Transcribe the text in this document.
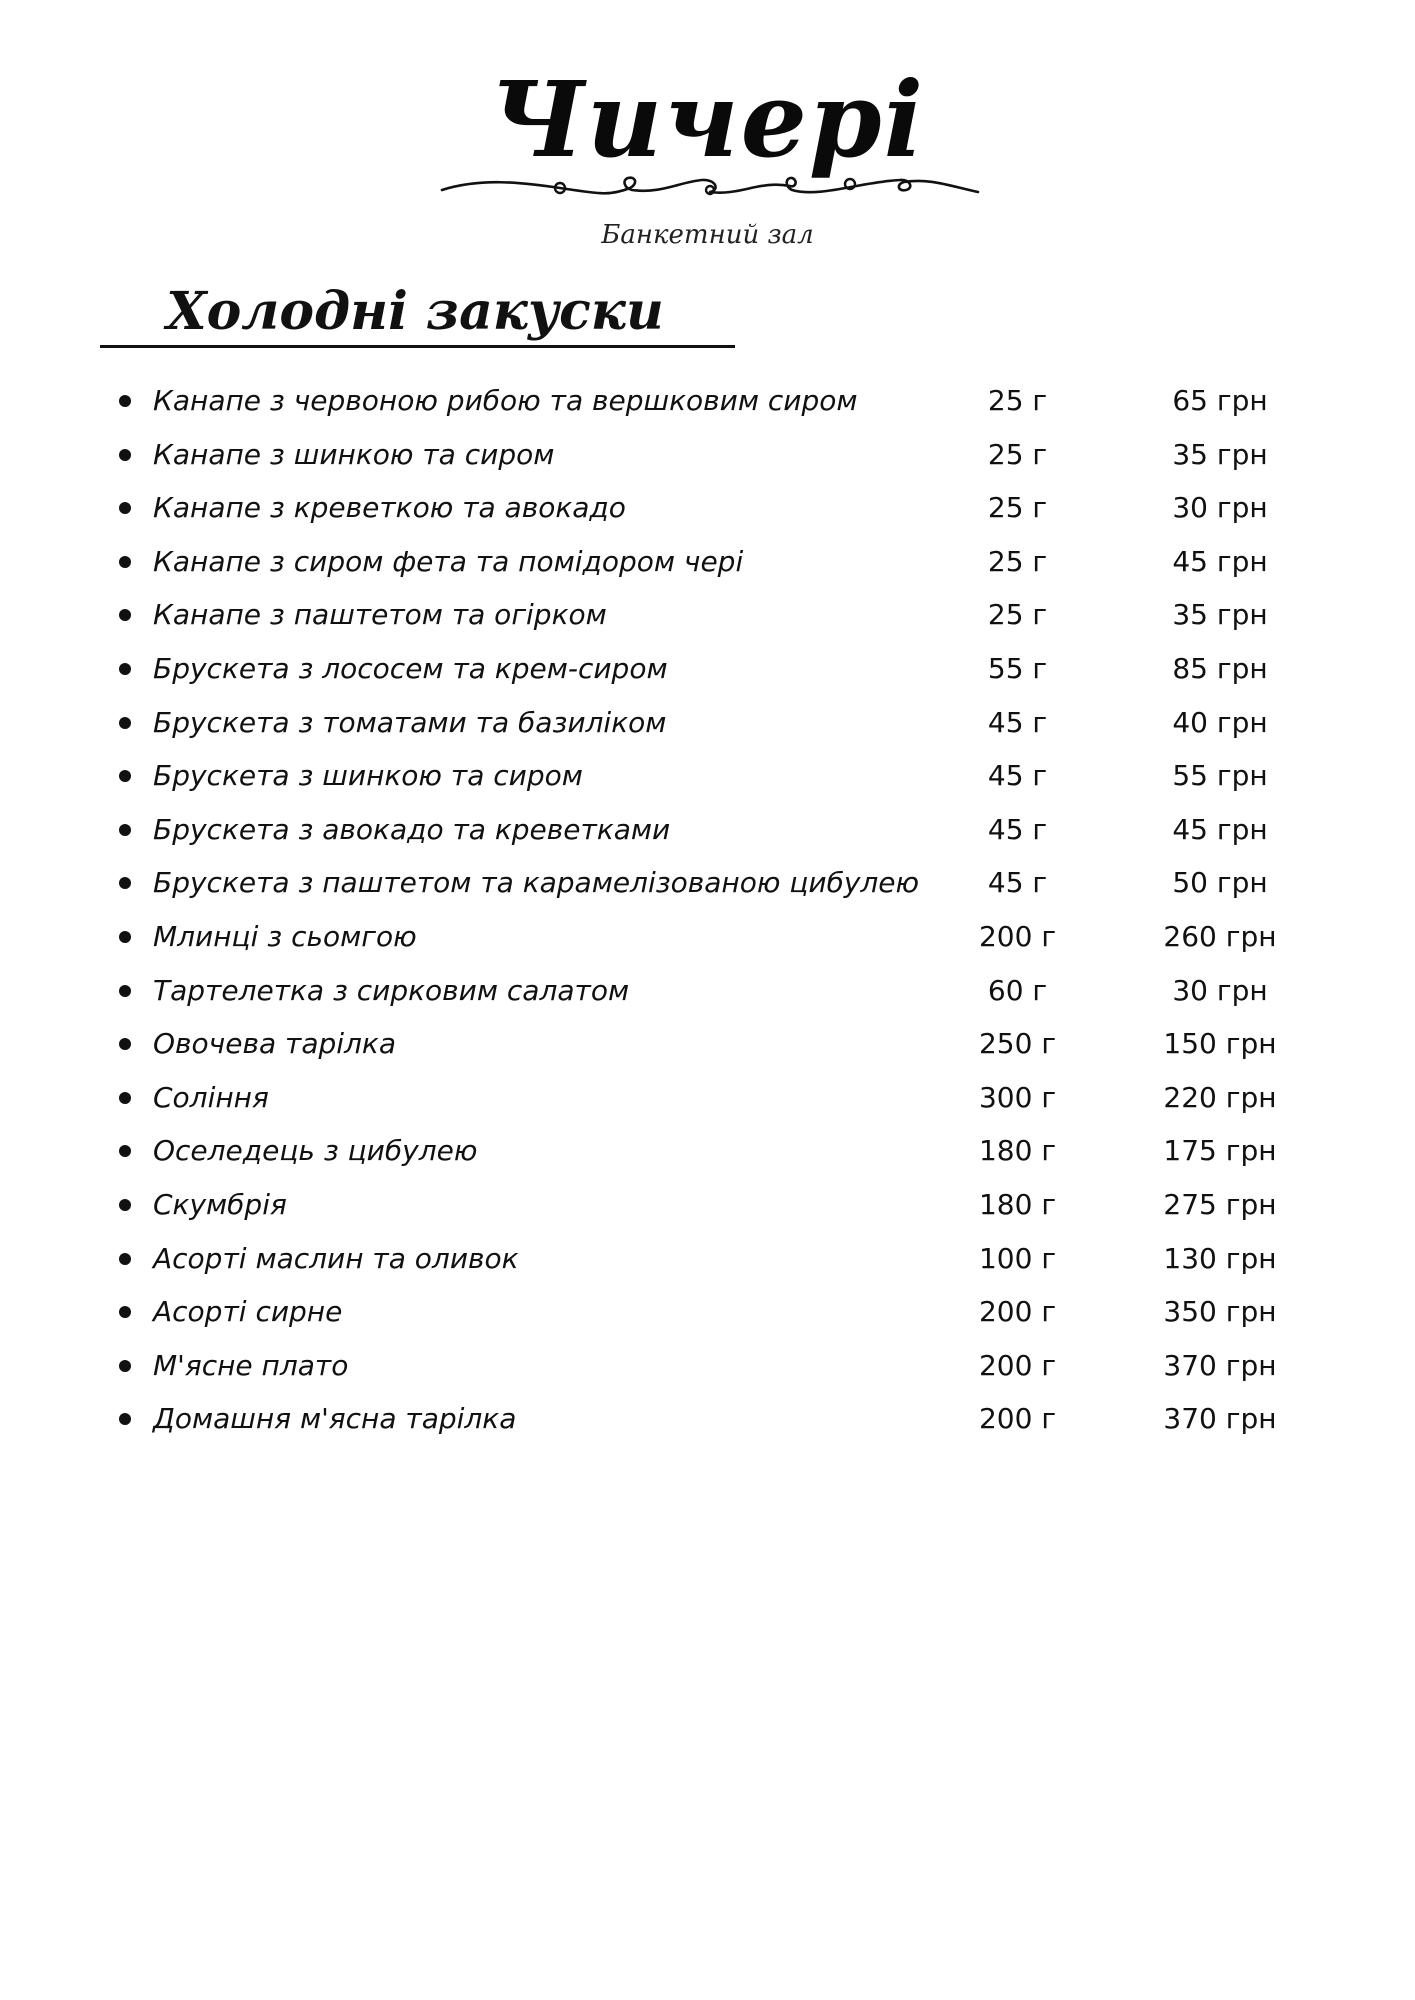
Чичері
Банкетний зал
Холодні закуски
Канапе з червоною рибою та вершковим сиром	25 г	65 грн
Канапе з шинкою та сиром	25 г	35 грн
Канапе з креветкою та авокадо	25 г	30 грн
Канапе з сиром фета та помідором чері	25 г	45 грн
Канапе з паштетом та огірком	25 г	35 грн
Брускета з лососем та крем-сиром	55 г	85 грн
Брускета з томатами та базиліком	45 г	40 грн
Брускета з шинкою та сиром	45 г	55 грн
Брускета з авокадо та креветками	45 г	45 грн
Брускета з паштетом та карамелізованою цибулею	45 г	50 грн
Млинці з сьомгою	200 г	260 грн
Тартелетка з сирковим салатом	60 г	30 грн
Овочева тарілка	250 г	150 грн
Соління	300 г	220 грн
Оселедець з цибулею	180 г	175 грн
Скумбрія	180 г	275 грн
Асорті маслин та оливок	100 г	130 грн
Асорті сирне	200 г	350 грн
М'ясне плато	200 г	370 грн
Домашня м'ясна тарілка	200 г	370 грн
